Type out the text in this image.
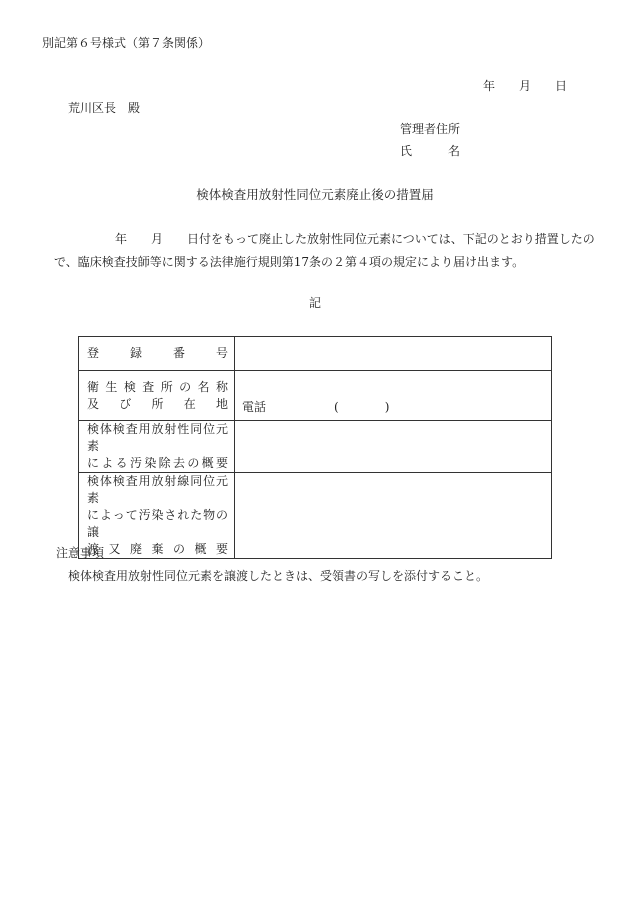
別記第６号様式（第７条関係）
年　　月　　日
荒川区長　殿
管理者住所
氏　　　名
検体検査用放射性同位元素廃止後の措置届
年　　月　　日付をもって廃止した放射性同位元素については、下記のとおり措置したの
で、臨床検査技師等に関する法律施行規則第17条の２第４項の規定により届け出ます。
記
登　　録　　番　　号	

衛生検査所の名称
及　び　所　在　地	電話 ( )

検体検査用放射性同位元素
による汚染除去の概要	

検体検査用放射線同位元素
によって汚染された物の譲
渡又廃棄の概要	

注意事項
検体検査用放射性同位元素を譲渡したときは、受領書の写しを添付すること。
